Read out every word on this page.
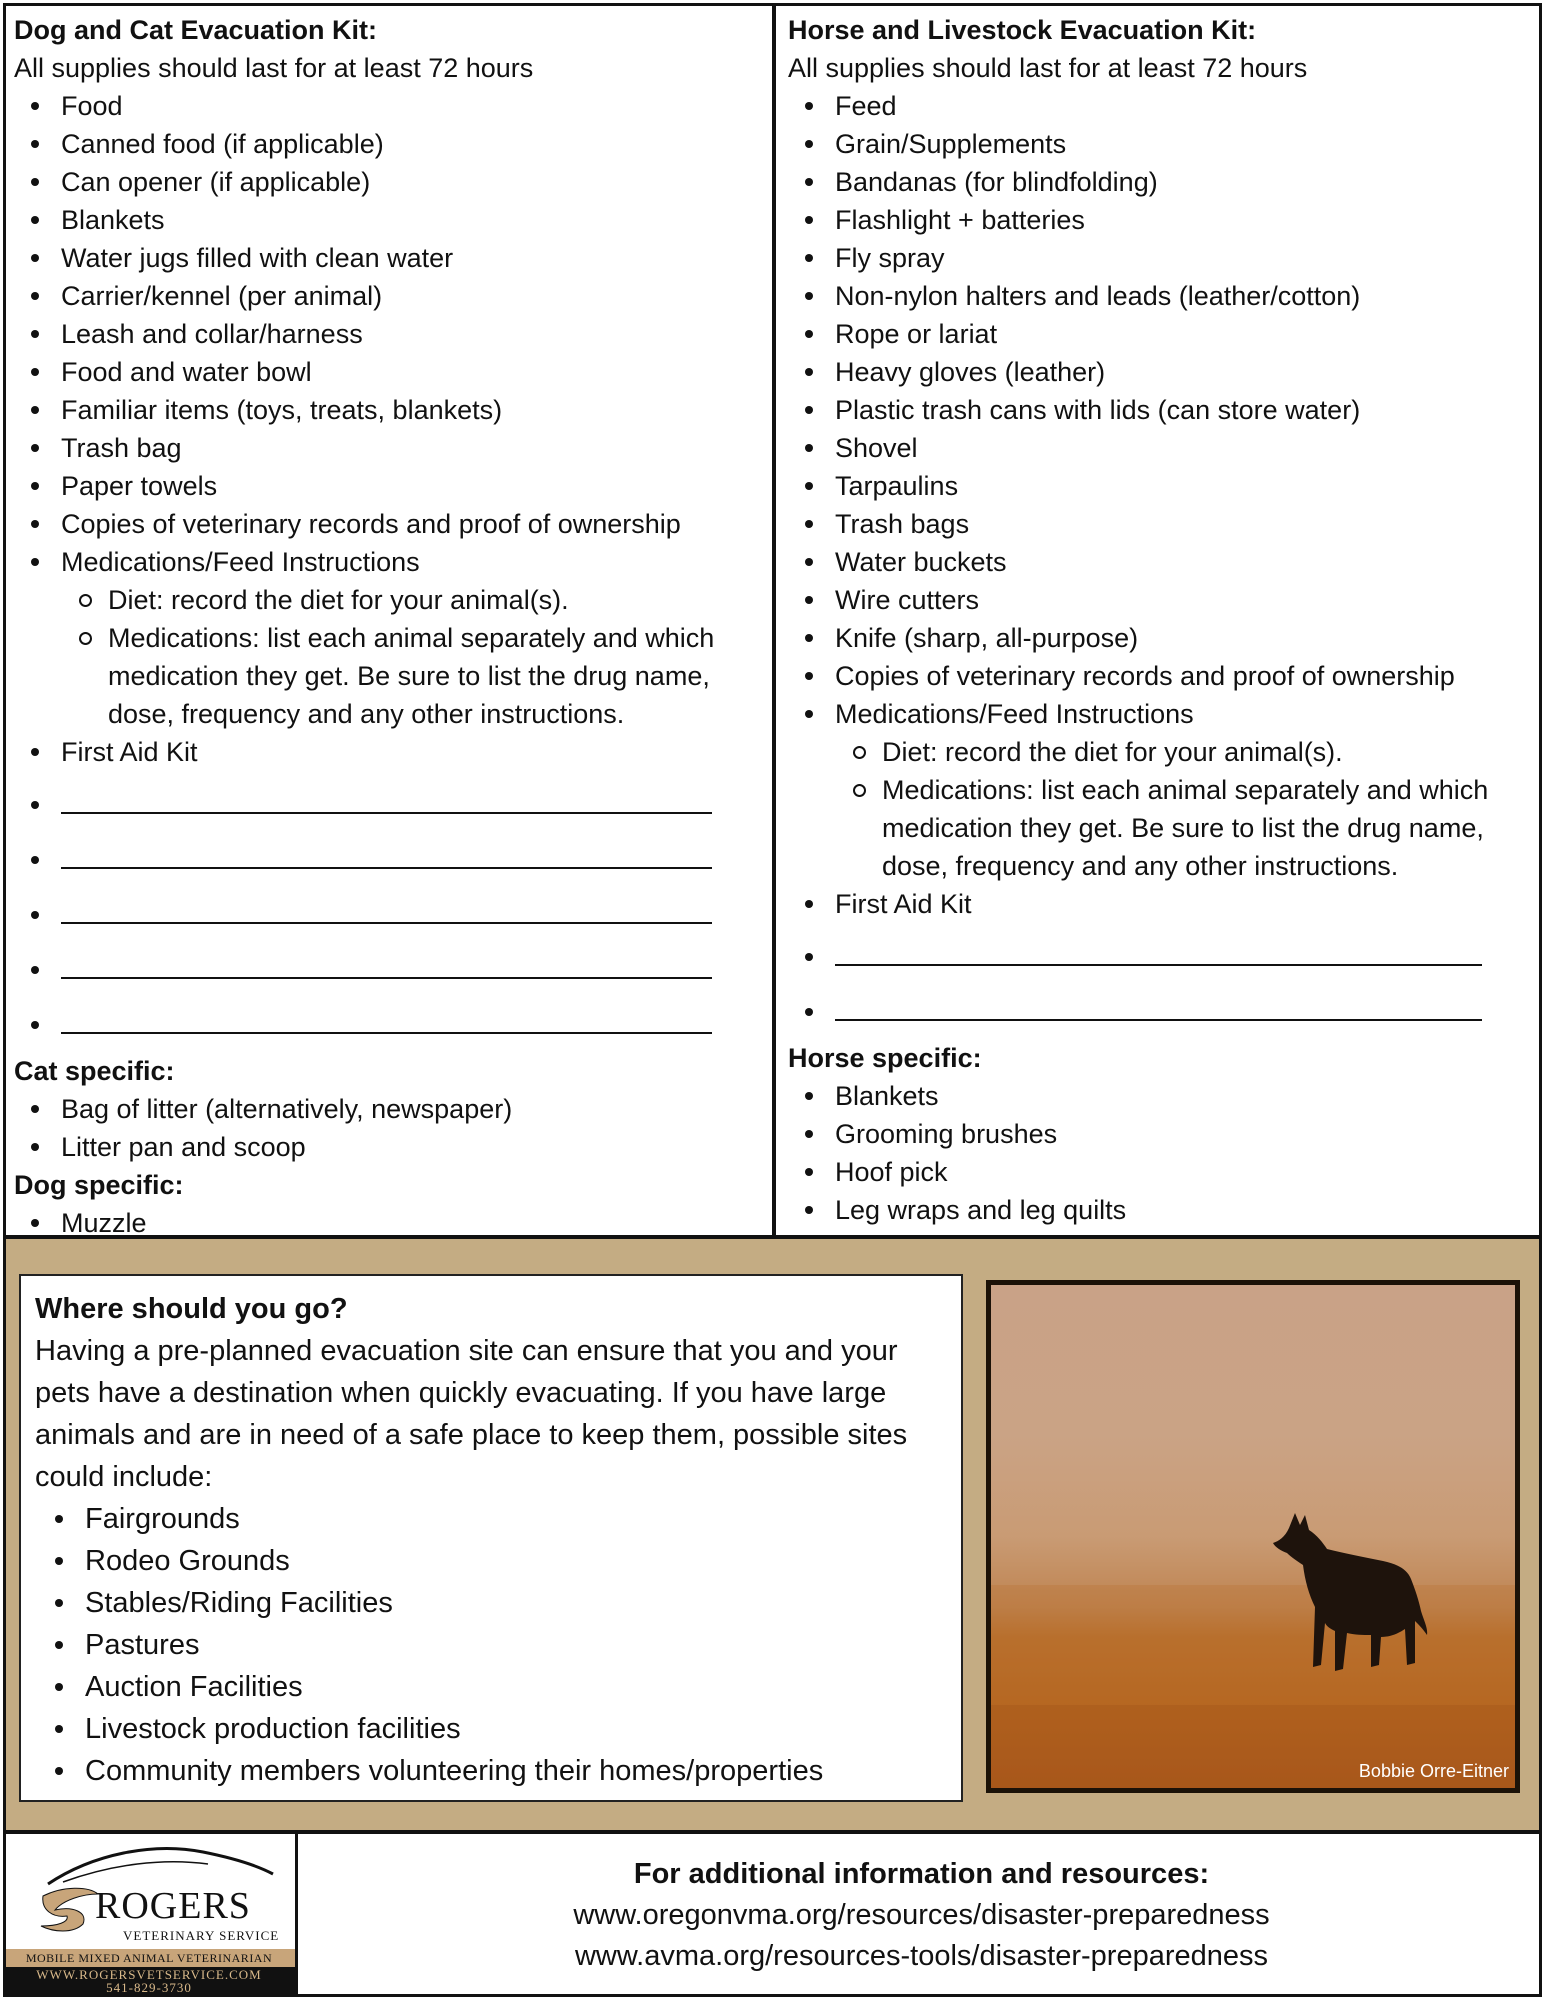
Dog and Cat Evacuation Kit:
All supplies should last for at least 72 hours
Food
Canned food (if applicable)
Can opener (if applicable)
Blankets
Water jugs filled with clean water
Carrier/kennel (per animal)
Leash and collar/harness
Food and water bowl
Familiar items (toys, treats, blankets)
Trash bag
Paper towels
Copies of veterinary records and proof of ownership
Medications/Feed Instructions
Diet: record the diet for your animal(s).
Medications: list each animal separately and which medication they get. Be sure to list the drug name, dose, frequency and any other instructions.
First Aid Kit
Cat specific:
Bag of litter (alternatively, newspaper)
Litter pan and scoop
Dog specific:
Muzzle
Horse and Livestock Evacuation Kit:
All supplies should last for at least 72 hours
Feed
Grain/Supplements
Bandanas (for blindfolding)
Flashlight + batteries
Fly spray
Non-nylon halters and leads (leather/cotton)
Rope or lariat
Heavy gloves (leather)
Plastic trash cans with lids (can store water)
Shovel
Tarpaulins
Trash bags
Water buckets
Wire cutters
Knife (sharp, all-purpose)
Copies of veterinary records and proof of ownership
Medications/Feed Instructions
Diet: record the diet for your animal(s).
Medications: list each animal separately and which medication they get. Be sure to list the drug name, dose, frequency and any other instructions.
First Aid Kit
Horse specific:
Blankets
Grooming brushes
Hoof pick
Leg wraps and leg quilts
Where should you go?
Having a pre-planned evacuation site can ensure that you and your pets have a destination when quickly evacuating. If you have large animals and are in need of a safe place to keep them, possible sites could include:
Fairgrounds
Rodeo Grounds
Stables/Riding Facilities
Pastures
Auction Facilities
Livestock production facilities
Community members volunteering their homes/properties	Bobbie Orre-Eitner
ROGERS
VETERINARY SERVICE
MOBILE MIXED ANIMAL VETERINARIAN
WWW.ROGERSVETSERVICE.COM
541-829-3730
For additional information and resources:
www.oregonvma.org/resources/disaster-preparedness
www.avma.org/resources-tools/disaster-preparedness
